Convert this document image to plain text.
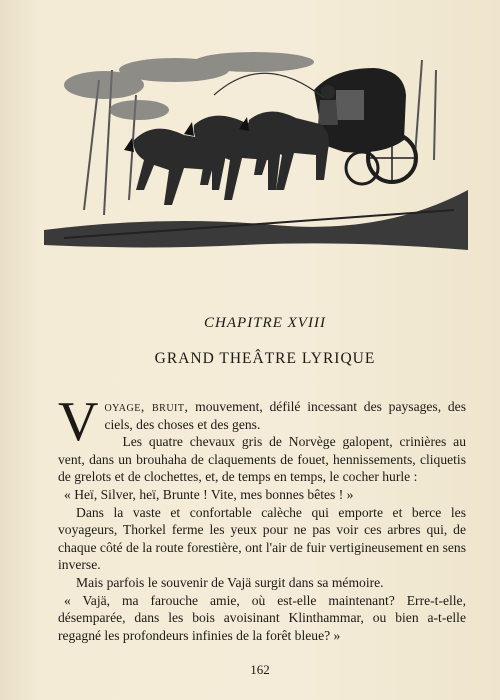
CHAPITRE XVIII
GRAND THEÂTRE LYRIQUE

Voyage, bruit, mouvement, défilé incessant des paysages, des ciels, des choses et des gens.

Les quatre chevaux gris de Norvège galopent, crinières au vent, dans un brouhaha de claquements de fouet, hennissements, cliquetis de grelots et de clochettes, et, de temps en temps, le cocher hurle :

« Heï, Silver, heï, Brunte ! Vite, mes bonnes bêtes ! »

Dans la vaste et confortable calèche qui emporte et berce les voyageurs, Thorkel ferme les yeux pour ne pas voir ces arbres qui, de chaque côté de la route forestière, ont l'air de fuir vertigineusement en sens inverse.

Mais parfois le souvenir de Vajä surgit dans sa mémoire.

« Vajä, ma farouche amie, où est-elle maintenant? Erre-t-elle, désemparée, dans les bois avoisinant Klinthammar, ou bien a-t-elle regagné les profondeurs infinies de la forêt bleue? »

162
